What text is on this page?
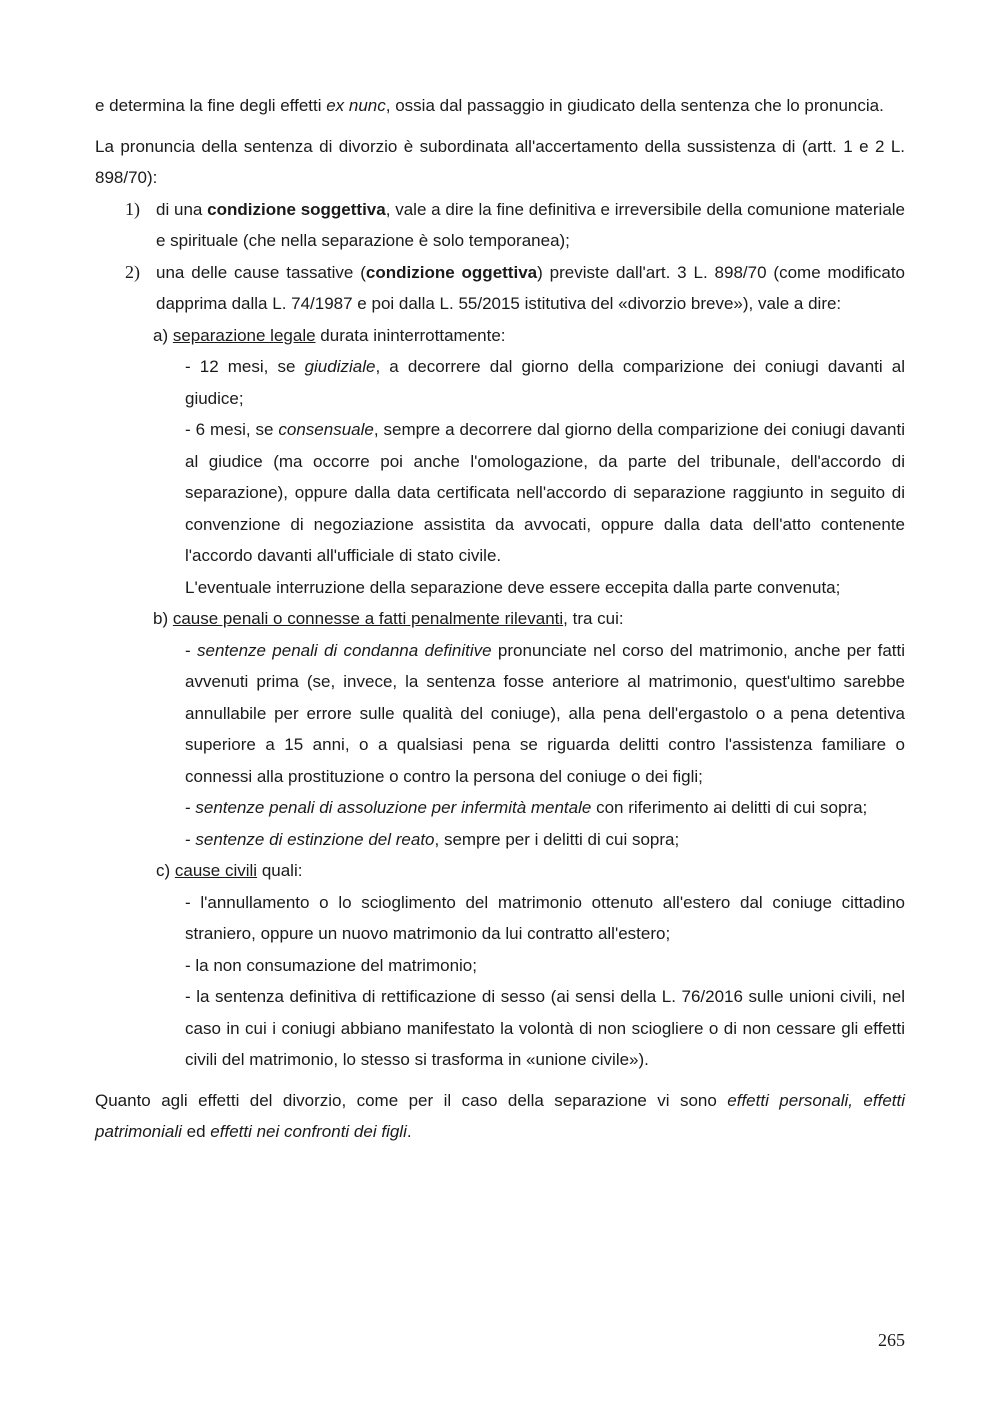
e determina la fine degli effetti ex nunc, ossia dal passaggio in giudicato della sentenza che lo pronuncia.

La pronuncia della sentenza di divorzio è subordinata all'accertamento della sussistenza di (artt. 1 e 2 L. 898/70):

1) di una condizione soggettiva, vale a dire la fine definitiva e irreversibile della comunione materiale e spirituale (che nella separazione è solo temporanea);

2) una delle cause tassative (condizione oggettiva) previste dall'art. 3 L. 898/70 (come modificato dapprima dalla L. 74/1987 e poi dalla L. 55/2015 istitutiva del «divorzio breve»), vale a dire:

a) separazione legale durata ininterrottamente:

- 12 mesi, se giudiziale, a decorrere dal giorno della comparizione dei coniugi davanti al giudice;

- 6 mesi, se consensuale, sempre a decorrere dal giorno della comparizione dei coniugi davanti al giudice (ma occorre poi anche l'omologazione, da parte del tribunale, dell'accordo di separazione), oppure dalla data certificata nell'accordo di separazione raggiunto in seguito di convenzione di negoziazione assistita da avvocati, oppure dalla data dell'atto contenente l'accordo davanti all'ufficiale di stato civile.

L'eventuale interruzione della separazione deve essere eccepita dalla parte convenuta;

b) cause penali o connesse a fatti penalmente rilevanti, tra cui:

- sentenze penali di condanna definitive pronunciate nel corso del matrimonio, anche per fatti avvenuti prima (se, invece, la sentenza fosse anteriore al matrimonio, quest'ultimo sarebbe annullabile per errore sulle qualità del coniuge), alla pena dell'ergastolo o a pena detentiva superiore a 15 anni, o a qualsiasi pena se riguarda delitti contro l'assistenza familiare o connessi alla prostituzione o contro la persona del coniuge o dei figli;

- sentenze penali di assoluzione per infermità mentale con riferimento ai delitti di cui sopra;

- sentenze di estinzione del reato, sempre per i delitti di cui sopra;

c) cause civili quali:

- l'annullamento o lo scioglimento del matrimonio ottenuto all'estero dal coniuge cittadino straniero, oppure un nuovo matrimonio da lui contratto all'estero;

- la non consumazione del matrimonio;

- la sentenza definitiva di rettificazione di sesso (ai sensi della L. 76/2016 sulle unioni civili, nel caso in cui i coniugi abbiano manifestato la volontà di non sciogliere o di non cessare gli effetti civili del matrimonio, lo stesso si trasforma in «unione civile»).

Quanto agli effetti del divorzio, come per il caso della separazione vi sono effetti personali, effetti patrimoniali ed effetti nei confronti dei figli.

265
